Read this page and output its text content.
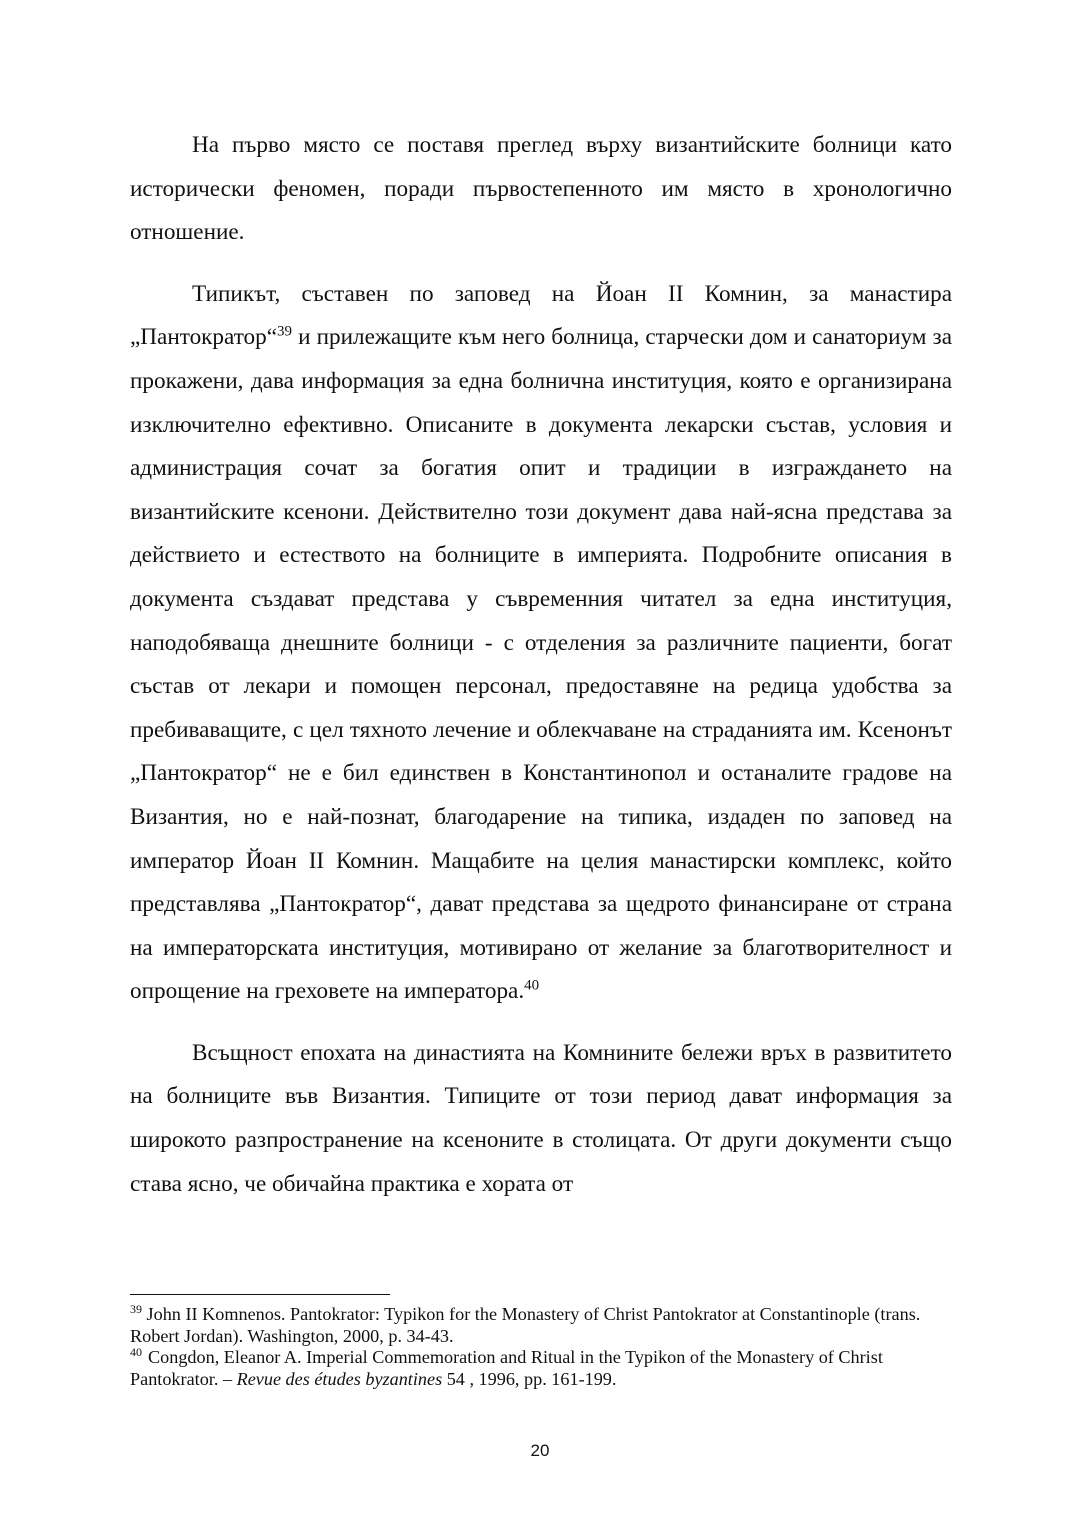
На първо място се поставя преглед върху византийските болници като исторически феномен, поради първостепенното им място в хронологично отношение.

Типикът, съставен по заповед на Йоан II Комнин, за манастира „Пантократор“$^{39}$ и прилежащите към него болница, старчески дом и санаториум за прокажени, дава информация за една болнична институция, която е организирана изключително ефективно. Описаните в документа лекарски състав, условия и администрация сочат за богатия опит и традиции в изграждането на византийските ксенони. Действително този документ дава най-ясна представа за действието и естеството на болниците в империята. Подробните описания в документа създават представа у съвременния читател за една институция, наподобяваща днешните болници - с отделения за различните пациенти, богат състав от лекари и помощен персонал, предоставяне на редица удобства за пребиваващите, с цел тяхното лечение и облекчаване на страданията им. Ксенонът „Пантократор“ не е бил единствен в Константинопол и останалите градове на Византия, но е най-познат, благодарение на типика, издаден по заповед на император Йоан II Комнин. Мащабите на целия манастирски комплекс, който представлява „Пантократор“, дават представа за щедрото финансиране от страна на императорската институция, мотивирано от желание за благотворителност и опрощение на греховете на императора.$^{40}$

Всъщност епохата на династията на Комнините бележи връх в развититето на болниците във Византия. Типиците от този период дават информация за широкото разпространение на ксеноните в столицата. От други документи също става ясно, че обичайна практика е хората от

$^{39}$ John II Komnenos. Pantokrator: Typikon for the Monastery of Christ Pantokrator at Constantinople (trans. Robert Jordan). Washington, 2000, p. 34-43.

$^{40}$ Congdon, Eleanor A. Imperial Commemoration and Ritual in the Typikon of the Monastery of Christ Pantokrator. – Revue des études byzantines 54 , 1996, pp. 161-199.

20
